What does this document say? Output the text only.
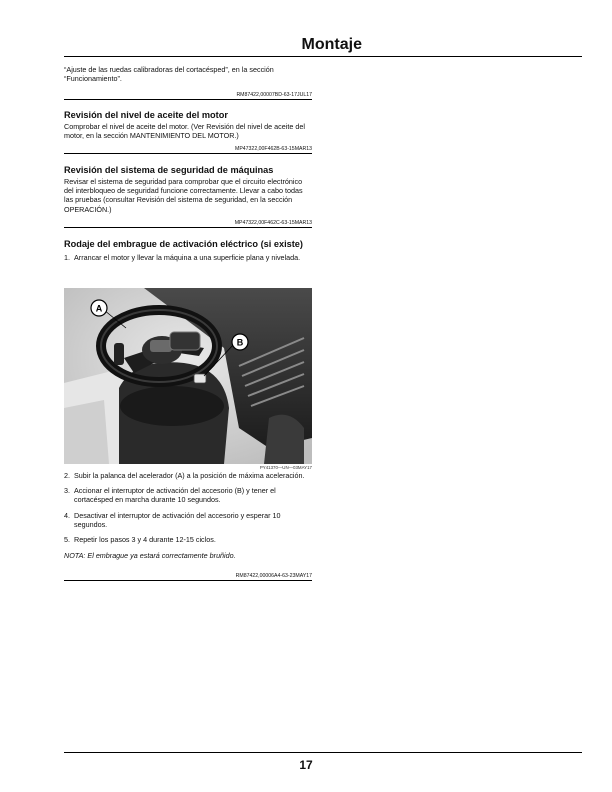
Montaje

“Ajuste de las ruedas calibradoras del cortacésped”, en la sección “Funcionamiento”.

RM87422,00007BD-63-17JUL17

Revisión del nivel de aceite del motor

Comprobar el nivel de aceite del motor. (Ver Revisión del nivel de aceite del motor, en la sección MANTENIMIENTO DEL MOTOR.)

MP47322,00F462B-63-15MAR13

Revisión del sistema de seguridad de máquinas

Revisar el sistema de seguridad para comprobar que el circuito electrónico del interbloqueo de seguridad funcione correctamente. Llevar a cabo todas las pruebas (consultar Revisión del sistema de seguridad, en la sección OPERACIÓN.)

MP47322,00F462C-63-15MAR13

Rodaje del embrague de activación eléctrico (si existe)

1. Arrancar el motor y llevar la máquina a una superficie plana y nivelada.
A
B
PY41370—UN—03MAY17
2. Subir la palanca del acelerador (A) a la posición de máxima aceleración.
3. Accionar el interruptor de activación del accesorio (B) y tener el cortacésped en marcha durante 10 segundos.
4. Desactivar el interruptor de activación del accesorio y esperar 10 segundos.
5. Repetir los pasos 3 y 4 durante 12-15 ciclos.

NOTA: El embrague ya estará correctamente bruñido.

RM87422,00006A4-63-23MAY17

17
